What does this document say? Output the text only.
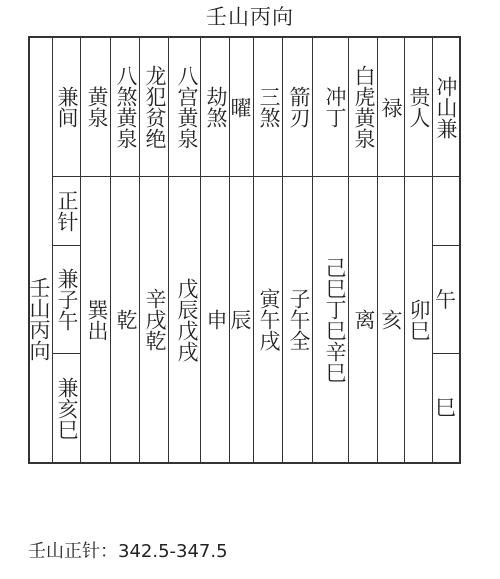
壬山丙向
兼间 黄泉 八煞黄泉 龙犯贫绝 八宫黄泉 劫煞 曜 三煞 箭刃 冲丁 白虎黄泉 禄 贵人 冲山兼
壬山丙向
正针
兼子午
兼亥巳
巽出 乾 辛戌乾 戊辰戊戌 申 辰 寅午戌 子午全 己巳丁巳辛巳 离 亥 卯巳 午
巳
壬山正针：342.5-347.5
